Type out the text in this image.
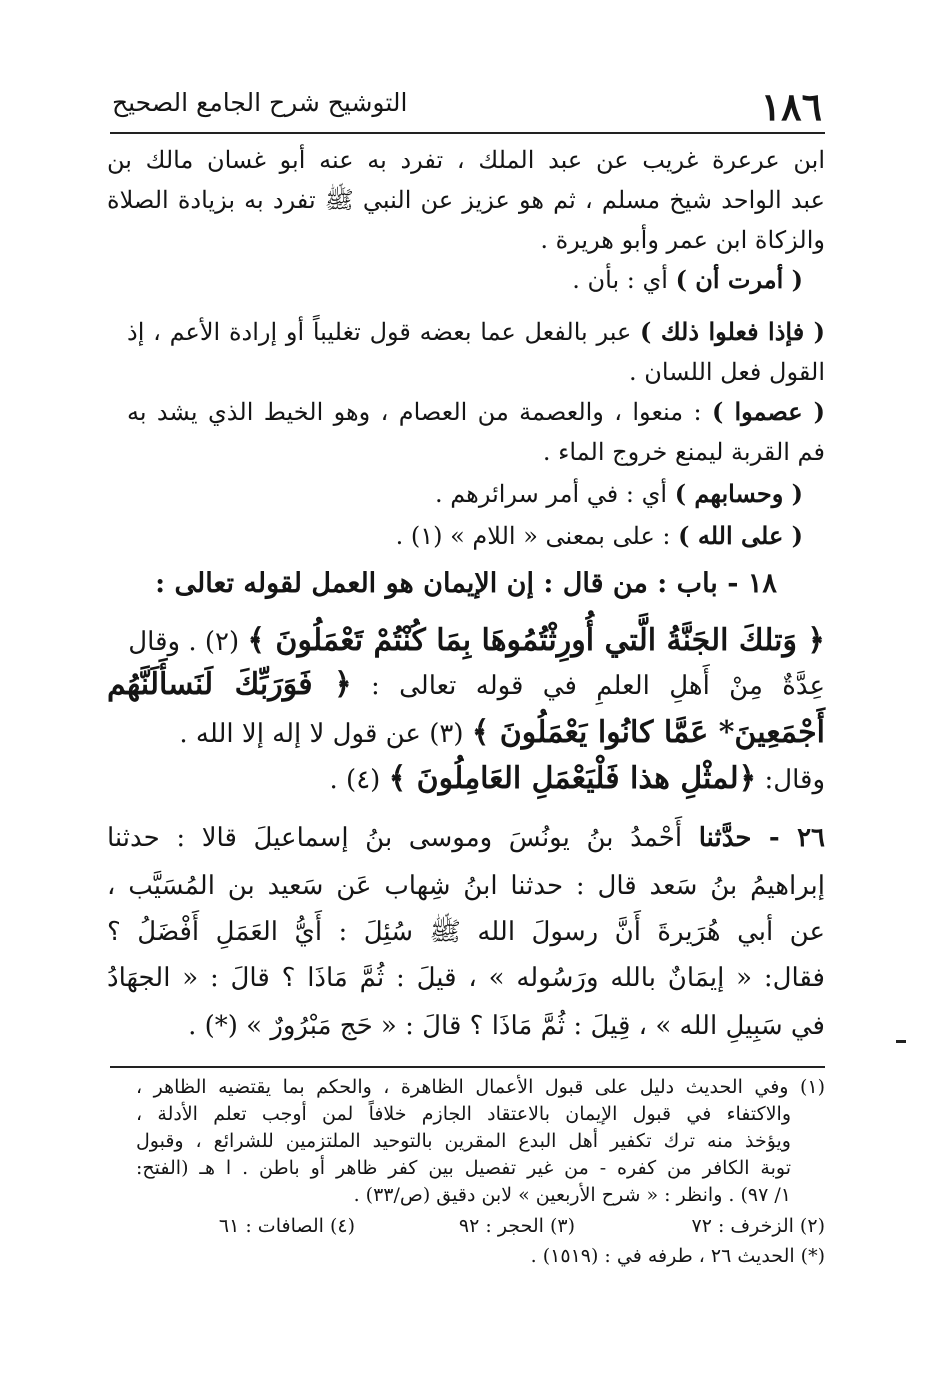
١٨٦
التوشيح شرح الجامع الصحيح
ابن عرعرة غريب عن عبد الملك ، تفرد به عنه أبو غسان مالك بن
عبد الواحد شيخ مسلم ، ثم هو عزيز عن النبي ﷺ تفرد به بزيادة الصلاة
والزكاة ابن عمر وأبو هريرة .
( أمرت أن ) أي : بأن .
( فإذا فعلوا ذلك ) عبر بالفعل عما بعضه قول تغليباً أو إرادة الأعم ، إذ
القول فعل اللسان .
( عصموا ) : منعوا ، والعصمة من العصام ، وهو الخيط الذي يشد به
فم القربة ليمنع خروج الماء .
( وحسابهم ) أي : في أمر سرائرهم .
( على الله ) : على بمعنى « اللام » (١) .
١٨ - باب : من قال : إن الإيمان هو العمل لقوله تعالى :
﴿ وَتلكَ الجَنَّةُ الَّتي أُورِثْتُمُوهَا بِمَا كُنْتُمْ تَعْمَلُونَ ﴾ (٢) . وقال
عِدَّةٌ مِنْ أَهلِ العلمِ في قوله تعالى : ﴿ فَوَرَبِّكَ لَنَسأَلَنَّهُم
أَجْمَعِينَ* عَمَّا كانُوا يَعْمَلُونَ ﴾ (٣) عن قول لا إله إلا الله .
وقال: ﴿لمثْلِ هذا فَلْيَعْمَلِ العَامِلُونَ ﴾ (٤) .
٢٦ - حدَّثنا أَحْمدُ بنُ يونُسَ وموسى بنُ إسماعيلَ قالا : حدثنا
إبراهيمُ بنُ سَعد قال : حدثنا ابنُ شِهاب عَن سَعيد بن المُسَيَّب ،
عن أبي هُرَيرةَ أَنَّ رسولَ الله ﷺ سُئِلَ : أَيُّ العَمَلِ أَفْضَلُ ؟
فقال: « إيمَانٌ بالله ورَسُوله » ، قيلَ : ثُمَّ مَاذَا ؟ قالَ : « الجهَادُ
في سَبِيلِ الله » ، قِيلَ : ثُمَّ مَاذَا ؟ قالَ : « حَج مَبْرُورٌ » (*) .
(١) وفي الحديث دليل على قبول الأعمال الظاهرة ، والحكم بما يقتضيه الظاهر ،
والاكتفاء في قبول الإيمان بالاعتقاد الجازم خلافاً لمن أوجب تعلم الأدلة ،
ويؤخذ منه ترك تكفير أهل البدع المقرين بالتوحيد الملتزمين للشرائع ، وقبول
توبة الكافر من كفره - من غير تفصيل بين كفر ظاهر أو باطن . ا هـ (الفتح:
١/ ٩٧) . وانظر : « شرح الأربعين » لابن دقيق (ص/٣٣) .
(٢) الزخرف : ٧٢
(٣) الحجر : ٩٢
(٤) الصافات : ٦١
(*) الحديث ٢٦ ، طرفه في : (١٥١٩) .
